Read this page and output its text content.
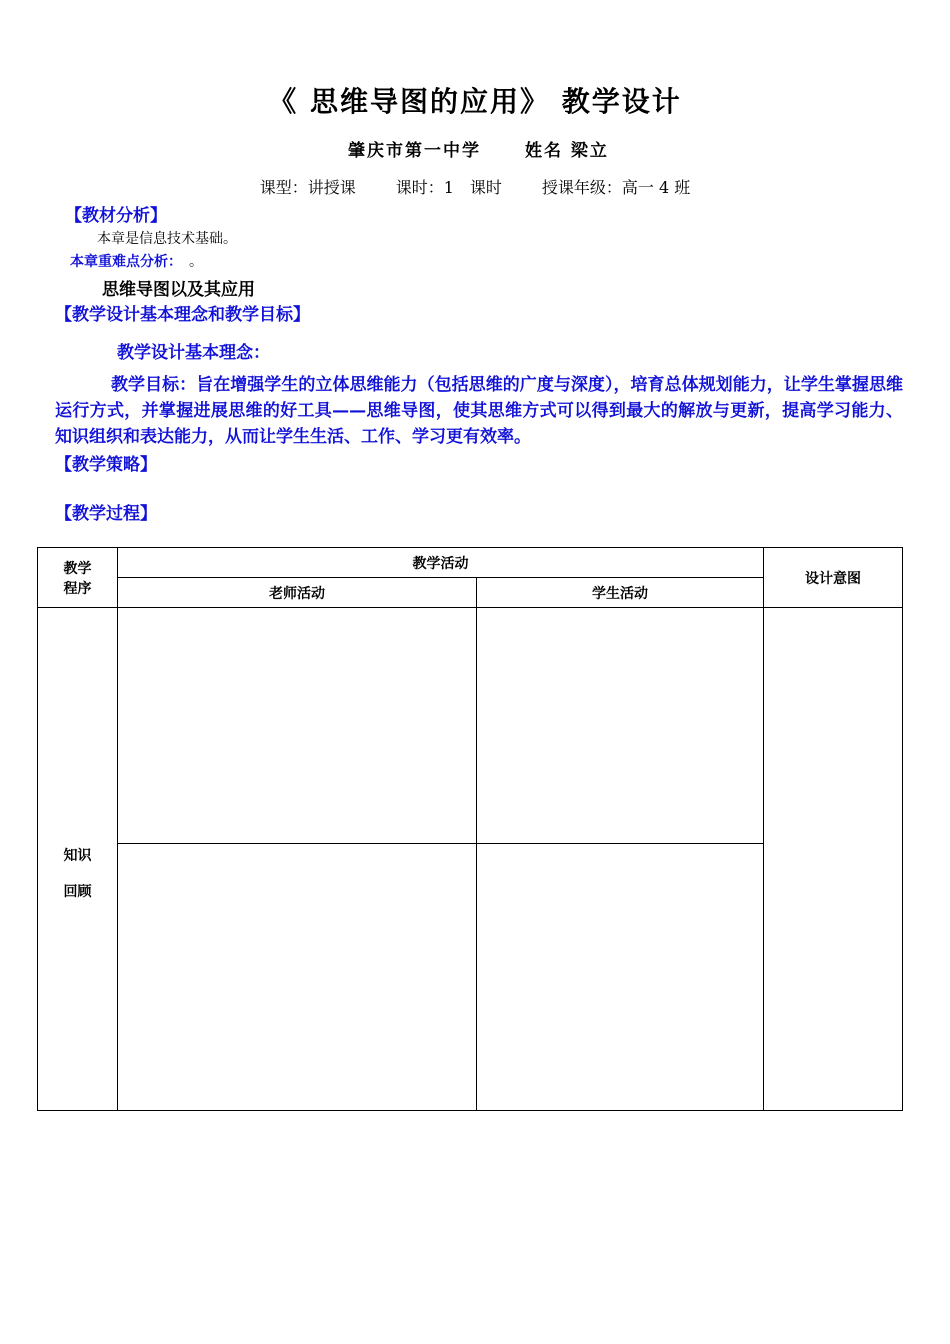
《 思维导图的应用》 教学设计
肇庆市第一中学	姓名 梁立
课型：讲授课	课时：1　课时	授课年级：高一 4 班
【教材分析】
本章是信息技术基础。
本章重难点分析： 。
思维导图以及其应用
【教学设计基本理念和教学目标】
教学设计基本理念：
教学目标：旨在增强学生的立体思维能力（包括思维的广度与深度），培育总体规划能力，让学生掌握思维运行方式，并掌握进展思维的好工具——思维导图，使其思维方式可以得到最大的解放与更新，提高学习能力、知识组织和表达能力，从而让学生生活、工作、学习更有效率。
【教学策略】
【教学过程】
教学
程序	教学活动		设计意图
	老师活动	学生活动	

知识
回顾			
